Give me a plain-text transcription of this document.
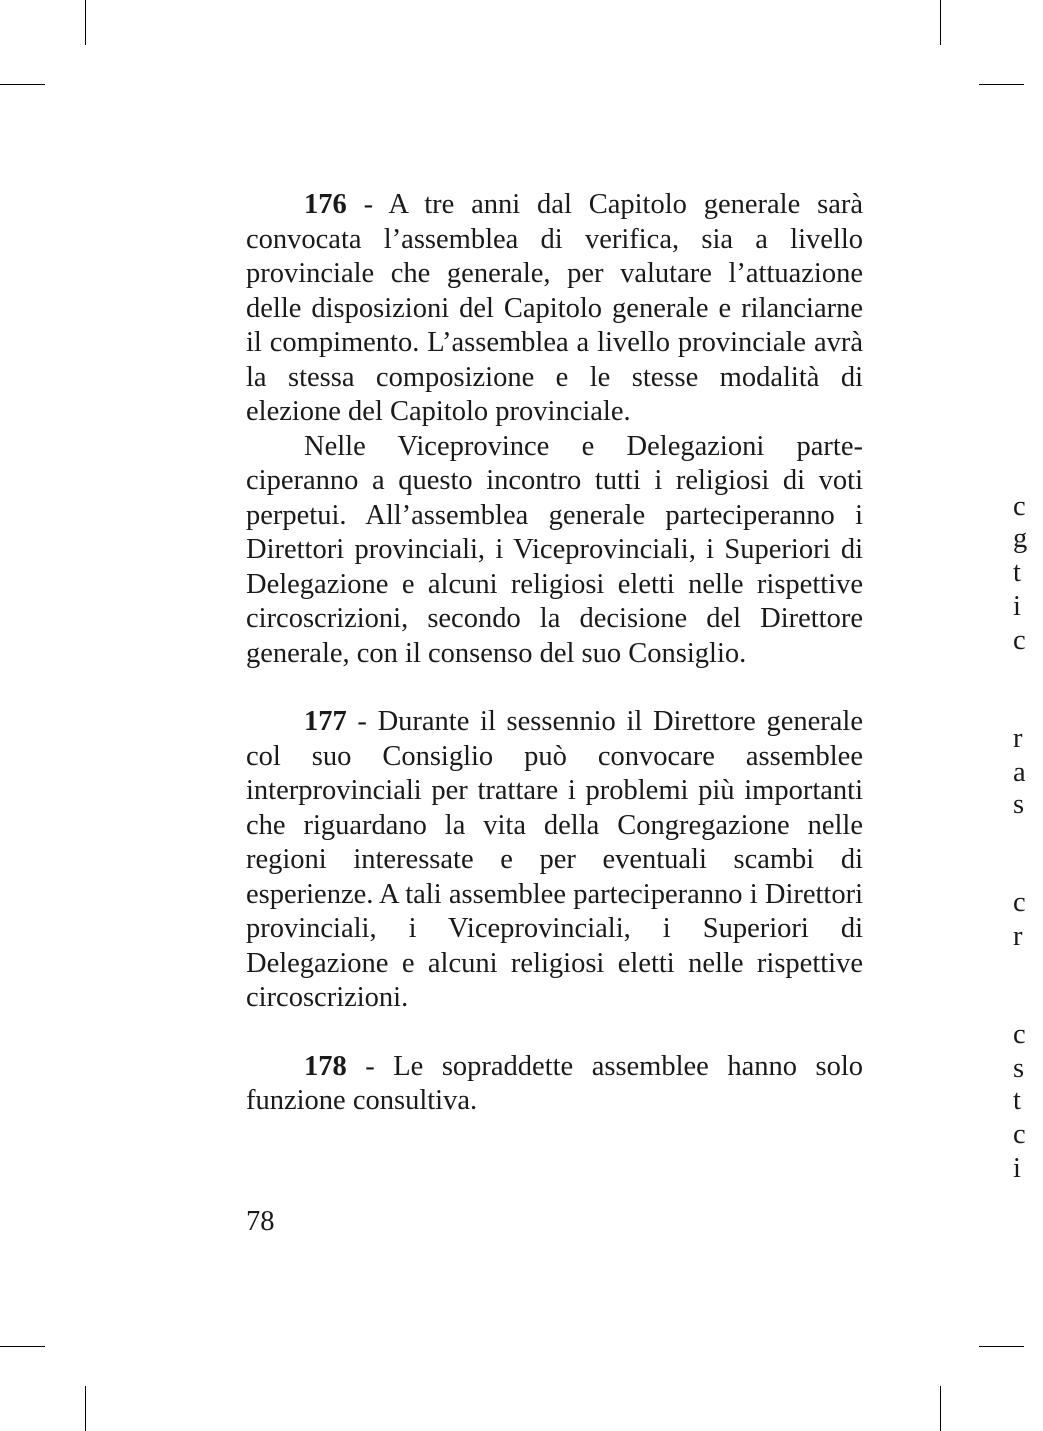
176 - A tre anni dal Capitolo generale sarà convocata l’assemblea di verifica, sia a livello provinciale che generale, per valutare l’attuazione delle disposizioni del Capitolo generale e rilanciarne il compimento. L’assemblea a livello provinciale avrà la stessa composizione e le stesse modalità di elezione del Capitolo provinciale.

Nelle Viceprovince e Delegazioni parteciperanno a questo incontro tutti i religiosi di voti perpetui. All’assemblea generale parteciperanno i Direttori provinciali, i Viceprovinciali, i Superiori di Delegazione e alcuni religiosi eletti nelle rispettive circoscrizioni, secondo la decisione del Direttore generale, con il consenso del suo Consiglio.

177 - Durante il sessennio il Direttore generale col suo Consiglio può convocare assemblee interprovinciali per trattare i problemi più importanti che riguardano la vita della Congregazione nelle regioni interessate e per eventuali scambi di esperienze. A tali assemblee parteciperanno i Direttori provinciali, i Viceprovinciali, i Superiori di Delegazione e alcuni religiosi eletti nelle rispettive circoscrizioni.

178 - Le sopraddette assemblee hanno solo funzione consultiva.

78
c
g
t
i
c
r
a
s
c
r
c
s
t
c
i
